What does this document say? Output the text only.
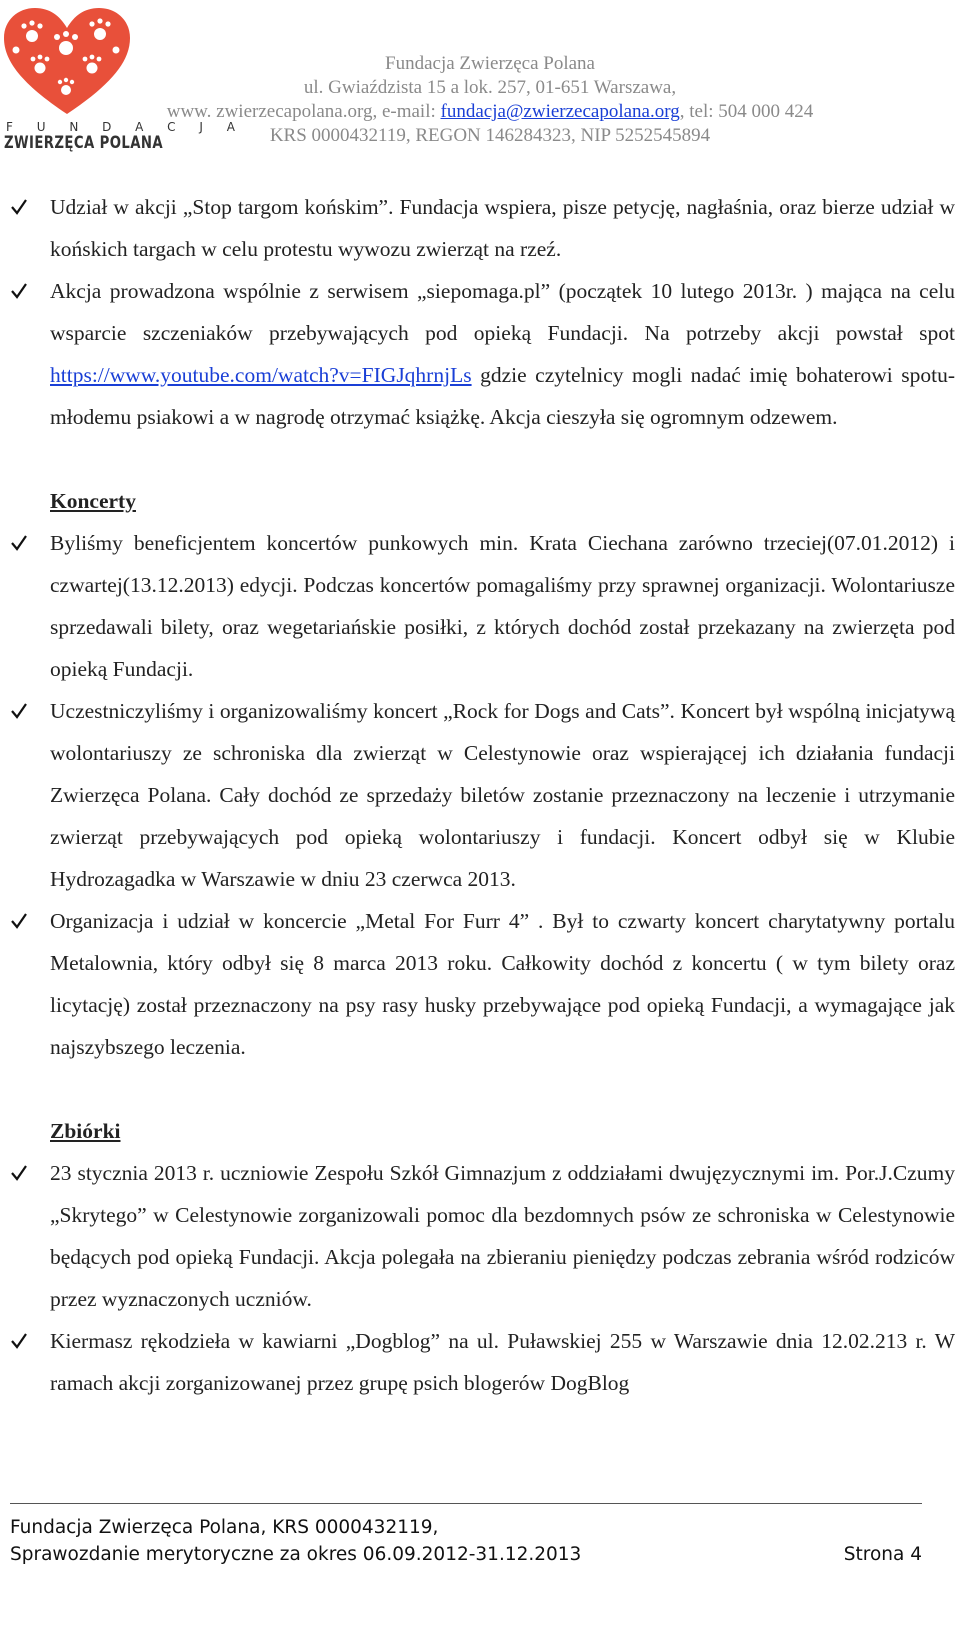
F U N D A C J A
ZWIERZĘCA POLANA
Fundacja Zwierzęca Polana
ul. Gwiaździsta 15 a lok. 257, 01-651 Warszawa,
www. zwierzecapolana.org, e-mail: fundacja@zwierzecapolana.org, tel: 504 000 424
KRS 0000432119, REGON 146284323, NIP 5252545894
Udział w akcji „Stop targom końskim”. Fundacja wspiera, pisze petycję, nagłaśnia, oraz bierze udział w końskich targach w celu protestu wywozu zwierząt na rzeź.
Akcja prowadzona wspólnie z serwisem „siepomaga.pl” (początek 10 lutego 2013r. ) mająca na celu wsparcie szczeniaków przebywających pod opieką Fundacji. Na potrzeby akcji powstał spot https://www.youtube.com/watch?v=FIGJqhrnjLs gdzie czytelnicy mogli nadać imię bohaterowi spotu- młodemu psiakowi a w nagrodę otrzymać książkę. Akcja cieszyła się ogromnym odzewem.
Koncerty
Byliśmy beneficjentem koncertów punkowych min. Krata Ciechana zarówno trzeciej(07.01.2012) i czwartej(13.12.2013) edycji. Podczas koncertów pomagaliśmy przy sprawnej organizacji. Wolontariusze sprzedawali bilety, oraz wegetariańskie posiłki, z których dochód został przekazany na zwierzęta pod opieką Fundacji.
Uczestniczyliśmy i organizowaliśmy koncert „Rock for Dogs and Cats”. Koncert był wspólną inicjatywą wolontariuszy ze schroniska dla zwierząt w Celestynowie oraz wspierającej ich działania fundacji Zwierzęca Polana. Cały dochód ze sprzedaży biletów zostanie przeznaczony na leczenie i utrzymanie zwierząt przebywających pod opieką wolontariuszy i fundacji. Koncert odbył się w Klubie Hydrozagadka w Warszawie w dniu 23 czerwca 2013.
Organizacja i udział w koncercie „Metal For Furr 4” . Był to czwarty koncert charytatywny portalu Metalownia, który odbył się 8 marca 2013 roku. Całkowity dochód z koncertu ( w tym bilety oraz licytację) został przeznaczony na psy rasy husky przebywające pod opieką Fundacji, a wymagające jak najszybszego leczenia.
Zbiórki
23 stycznia 2013 r. uczniowie Zespołu Szkół Gimnazjum z oddziałami dwujęzycznymi im. Por.J.Czumy „Skrytego” w Celestynowie zorganizowali pomoc dla bezdomnych psów ze schroniska w Celestynowie będących pod opieką Fundacji. Akcja polegała na zbieraniu pieniędzy podczas zebrania wśród rodziców przez wyznaczonych uczniów.
Kiermasz rękodzieła w kawiarni „Dogblog” na ul. Puławskiej 255 w Warszawie dnia 12.02.213 r. W ramach akcji zorganizowanej przez grupę psich blogerów DogBlog
Fundacja Zwierzęca Polana, KRS 0000432119,
Sprawozdanie merytoryczne za okres 06.09.2012-31.12.2013	Strona 4
